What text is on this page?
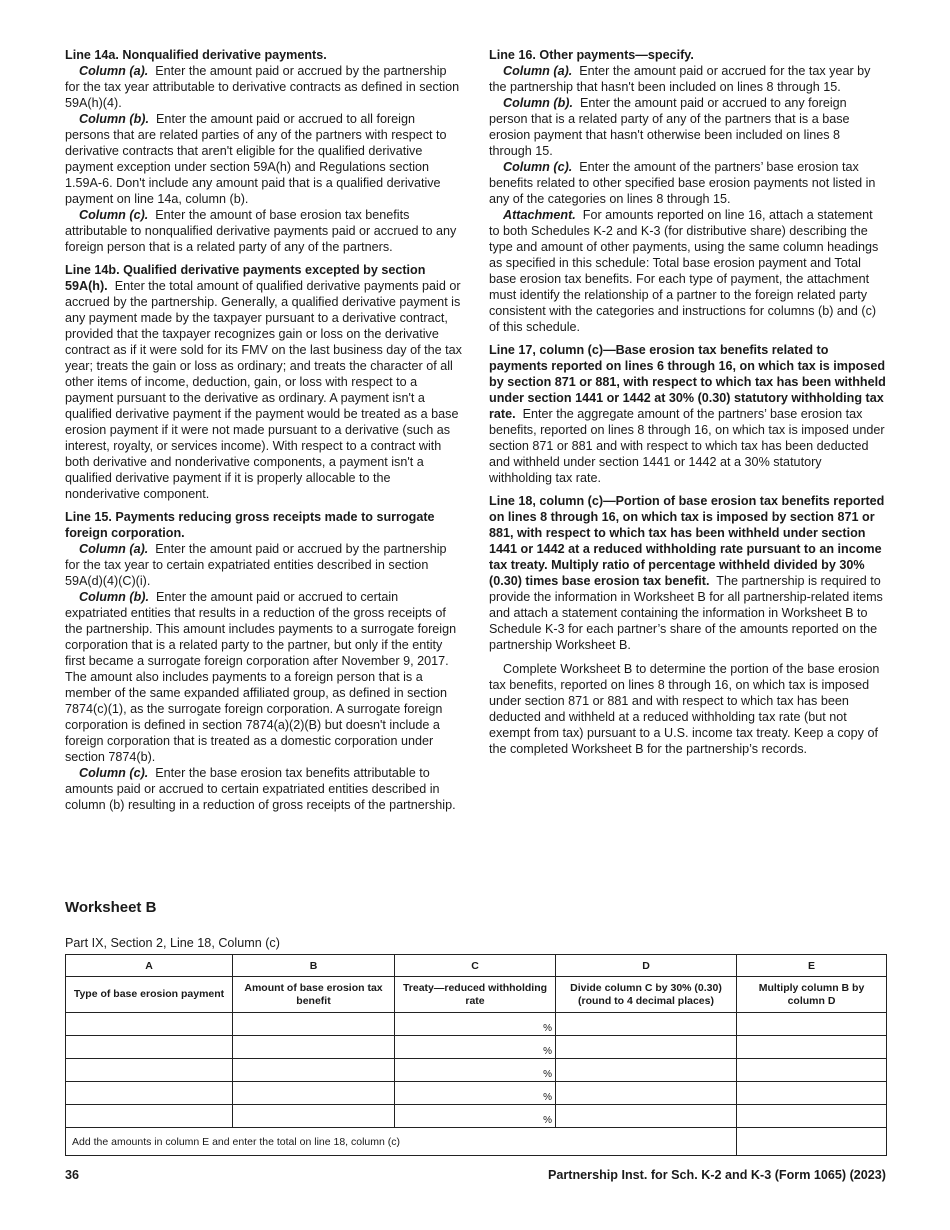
Line 14a. Nonqualified derivative payments.

Column (a). Enter the amount paid or accrued by the partnership for the tax year attributable to derivative contracts as defined in section 59A(h)(4).

Column (b). Enter the amount paid or accrued to all foreign persons that are related parties of any of the partners with respect to derivative contracts that aren't eligible for the qualified derivative payment exception under section 59A(h) and Regulations section 1.59A-6. Don't include any amount paid that is a qualified derivative payment on line 14a, column (b).

Column (c). Enter the amount of base erosion tax benefits attributable to nonqualified derivative payments paid or accrued to any foreign person that is a related party of any of the partners.

Line 14b. Qualified derivative payments excepted by section 59A(h). Enter the total amount of qualified derivative payments paid or accrued by the partnership. Generally, a qualified derivative payment is any payment made by the taxpayer pursuant to a derivative contract, provided that the taxpayer recognizes gain or loss on the derivative contract as if it were sold for its FMV on the last business day of the tax year; treats the gain or loss as ordinary; and treats the character of all other items of income, deduction, gain, or loss with respect to a payment pursuant to the derivative as ordinary. A payment isn't a qualified derivative payment if the payment would be treated as a base erosion payment if it were not made pursuant to a derivative (such as interest, royalty, or services income). With respect to a contract with both derivative and nonderivative components, a payment isn't a qualified derivative payment if it is properly allocable to the nonderivative component.

Line 15. Payments reducing gross receipts made to surrogate foreign corporation.

Column (a). Enter the amount paid or accrued by the partnership for the tax year to certain expatriated entities described in section 59A(d)(4)(C)(i).

Column (b). Enter the amount paid or accrued to certain expatriated entities that results in a reduction of the gross receipts of the partnership. This amount includes payments to a surrogate foreign corporation that is a related party to the partner, but only if the entity first became a surrogate foreign corporation after November 9, 2017. The amount also includes payments to a foreign person that is a member of the same expanded affiliated group, as defined in section 7874(c)(1), as the surrogate foreign corporation. A surrogate foreign corporation is defined in section 7874(a)(2)(B) but doesn't include a foreign corporation that is treated as a domestic corporation under section 7874(b).

Column (c). Enter the base erosion tax benefits attributable to amounts paid or accrued to certain expatriated entities described in column (b) resulting in a reduction of gross receipts of the partnership.

Line 16. Other payments—specify.

Column (a). Enter the amount paid or accrued for the tax year by the partnership that hasn't been included on lines 8 through 15.

Column (b). Enter the amount paid or accrued to any foreign person that is a related party of any of the partners that is a base erosion payment that hasn't otherwise been included on lines 8 through 15.

Column (c). Enter the amount of the partners’ base erosion tax benefits related to other specified base erosion payments not listed in any of the categories on lines 8 through 15.

Attachment. For amounts reported on line 16, attach a statement to both Schedules K-2 and K-3 (for distributive share) describing the type and amount of other payments, using the same column headings as specified in this schedule: Total base erosion payment and Total base erosion tax benefits. For each type of payment, the attachment must identify the relationship of a partner to the foreign related party consistent with the categories and instructions for columns (b) and (c) of this schedule.

Line 17, column (c)—Base erosion tax benefits related to payments reported on lines 6 through 16, on which tax is imposed by section 871 or 881, with respect to which tax has been withheld under section 1441 or 1442 at 30% (0.30) statutory withholding tax rate. Enter the aggregate amount of the partners’ base erosion tax benefits, reported on lines 8 through 16, on which tax is imposed under section 871 or 881 and with respect to which tax has been deducted and withheld under section 1441 or 1442 at a 30% statutory withholding tax rate.

Line 18, column (c)—Portion of base erosion tax benefits reported on lines 8 through 16, on which tax is imposed by section 871 or 881, with respect to which tax has been withheld under section 1441 or 1442 at a reduced withholding rate pursuant to an income tax treaty. Multiply ratio of percentage withheld divided by 30% (0.30) times base erosion tax benefit. The partnership is required to provide the information in Worksheet B for all partnership-related items and attach a statement containing the information in Worksheet B to Schedule K-3 for each partner’s share of the amounts reported on the partnership Worksheet B.

Complete Worksheet B to determine the portion of the base erosion tax benefits, reported on lines 8 through 16, on which tax is imposed under section 871 or 881 and with respect to which tax has been deducted and withheld at a reduced withholding tax rate (but not exempt from tax) pursuant to a U.S. income tax treaty. Keep a copy of the completed Worksheet B for the partnership’s records.

Worksheet B
Part IX, Section 2, Line 18, Column (c)
A	B	C	D	E
Type of base erosion payment	Amount of base erosion tax benefit	Treaty—reduced withholding rate	Divide column C by 30% (0.30) (round to 4 decimal places)	Multiply column B by column D
		%		
		%		
		%		
		%		
		%		
Add the amounts in column E and enter the total on line 18, column (c)				
36	Partnership Inst. for Sch. K-2 and K-3 (Form 1065) (2023)
